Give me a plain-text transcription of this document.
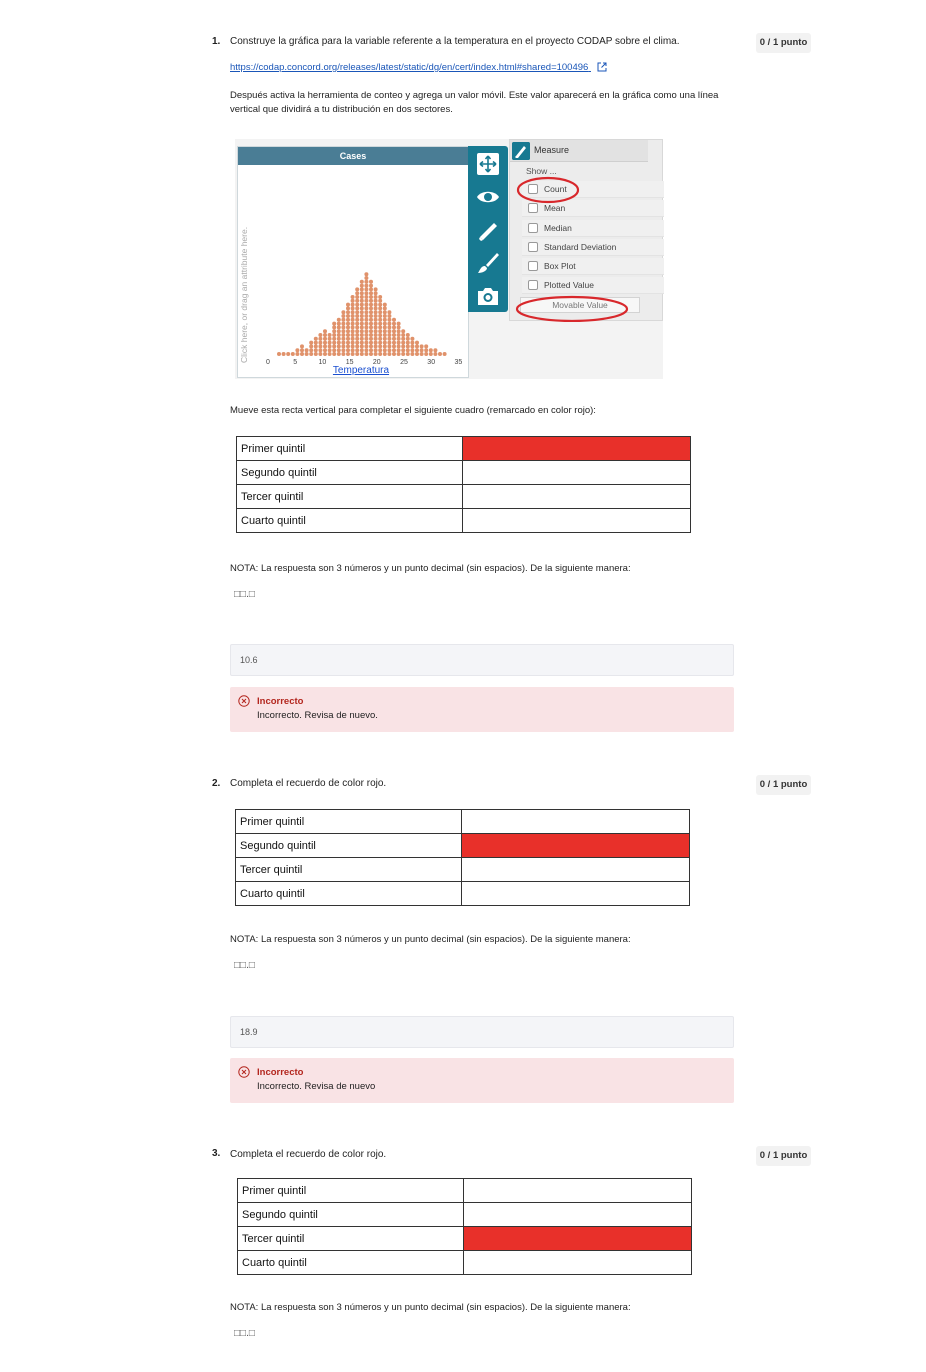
1. Construye la gráfica para la variable referente a la temperatura en el proyecto CODAP sobre el clima.	0 / 1 punto
https://codap.concord.org/releases/latest/static/dg/en/cert/index.html#shared=100496
Después activa la herramienta de conteo y agrega un valor móvil. Este valor aparecerá en la gráfica como una línea vertical que dividirá a tu distribución en dos sectores.
Cases
Click here, or drag an attribute here. 0	5	10	15	20	25	30	35
Temperatura
Measure
Show ...
Count
Mean
Median
Standard Deviation
Box Plot
Plotted Value
Movable Value
Mueve esta recta vertical para completar el siguiente cuadro (remarcado en color rojo):
Primer quintil	
Segundo quintil	
Tercer quintil	
Cuarto quintil	
NOTA: La respuesta son 3 números y un punto decimal (sin espacios). De la siguiente manera:
□□.□
10.6
Incorrecto
Incorrecto. Revisa de nuevo.
2. Completa el recuerdo de color rojo.	0 / 1 punto
Primer quintil	
Segundo quintil	
Tercer quintil	
Cuarto quintil	
NOTA: La respuesta son 3 números y un punto decimal (sin espacios). De la siguiente manera:
□□.□
18.9
Incorrecto
Incorrecto. Revisa de nuevo
3. Completa el recuerdo de color rojo.	0 / 1 punto
Primer quintil	
Segundo quintil	
Tercer quintil	
Cuarto quintil	
NOTA: La respuesta son 3 números y un punto decimal (sin espacios). De la siguiente manera:
□□.□
